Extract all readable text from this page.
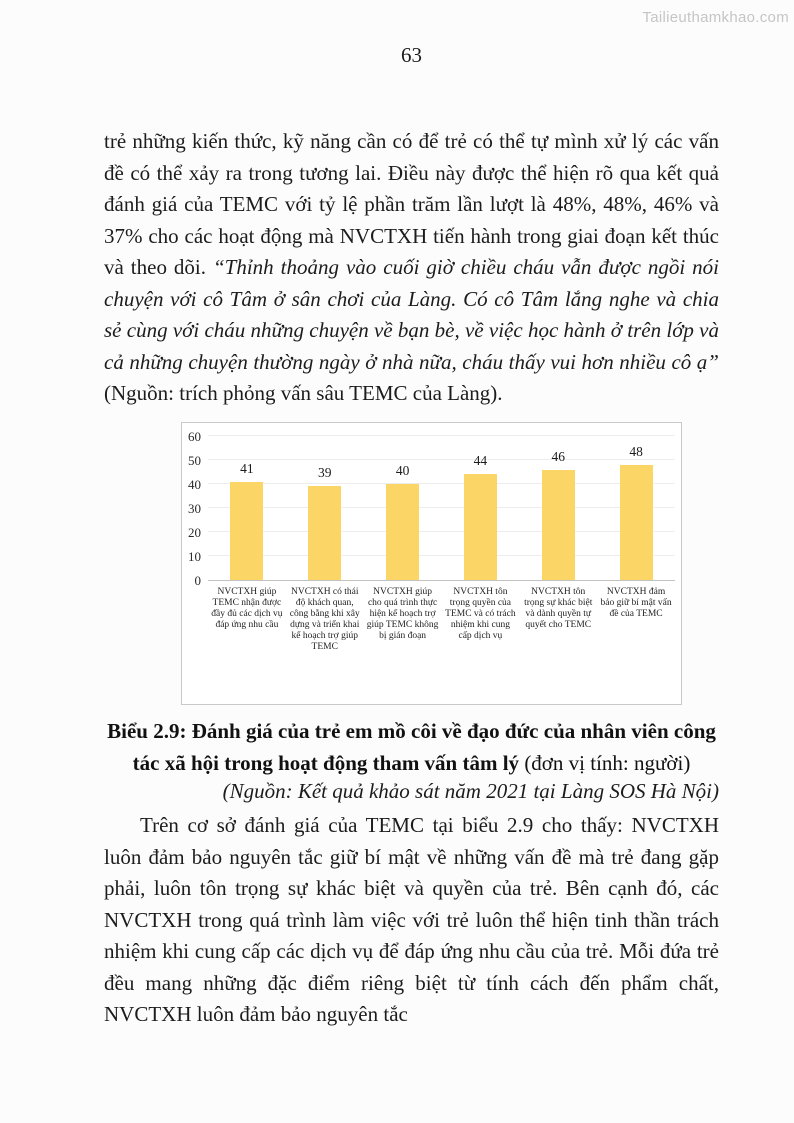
Tailieuthamkhao.com
63

trẻ những kiến thức, kỹ năng cần có để trẻ có thể tự mình xử lý các vấn đề có thể xảy ra trong tương lai. Điều này được thể hiện rõ qua kết quả đánh giá của TEMC với tỷ lệ phần trăm lần lượt là 48%, 48%, 46% và 37% cho các hoạt động mà NVCTXH tiến hành trong giai đoạn kết thúc và theo dõi. “Thỉnh thoảng vào cuối giờ chiều cháu vẫn được ngồi nói chuyện với cô Tâm ở sân chơi của Làng. Có cô Tâm lắng nghe và chia sẻ cùng với cháu những chuyện về bạn bè, về việc học hành ở trên lớp và cả những chuyện thường ngày ở nhà nữa, cháu thấy vui hơn nhiều cô ạ” (Nguồn: trích phỏng vấn sâu TEMC của Làng).

41	39	40
44	46	48
NVCTXH giúp TEMC nhận được đầy đủ các dịch vụ đáp ứng nhu cầu
NVCTXH có thái độ khách quan, công bằng khi xây dựng và triển khai kế hoạch trợ giúp TEMC
NVCTXH giúp cho quá trình thực hiện kế hoạch trợ giúp TEMC không bị gián đoạn
NVCTXH tôn trọng quyền của TEMC và có trách nhiệm khi cung cấp dịch vụ
NVCTXH tôn trọng sự khác biệt và dành quyền tự quyết cho TEMC
NVCTXH đảm bảo giữ bí mật vấn đề của TEMC
0
10
20
30
40
50
60
Biểu 2.9: Đánh giá của trẻ em mồ côi về đạo đức của nhân viên công tác xã hội trong hoạt động tham vấn tâm lý (đơn vị tính: người)
(Nguồn: Kết quả khảo sát năm 2021 tại Làng SOS Hà Nội)

Trên cơ sở đánh giá của TEMC tại biểu 2.9 cho thấy: NVCTXH luôn đảm bảo nguyên tắc giữ bí mật về những vấn đề mà trẻ đang gặp phải, luôn tôn trọng sự khác biệt và quyền của trẻ. Bên cạnh đó, các NVCTXH trong quá trình làm việc với trẻ luôn thể hiện tinh thần trách nhiệm khi cung cấp các dịch vụ để đáp ứng nhu cầu của trẻ. Mỗi đứa trẻ đều mang những đặc điểm riêng biệt từ tính cách đến phẩm chất, NVCTXH luôn đảm bảo nguyên tắc
